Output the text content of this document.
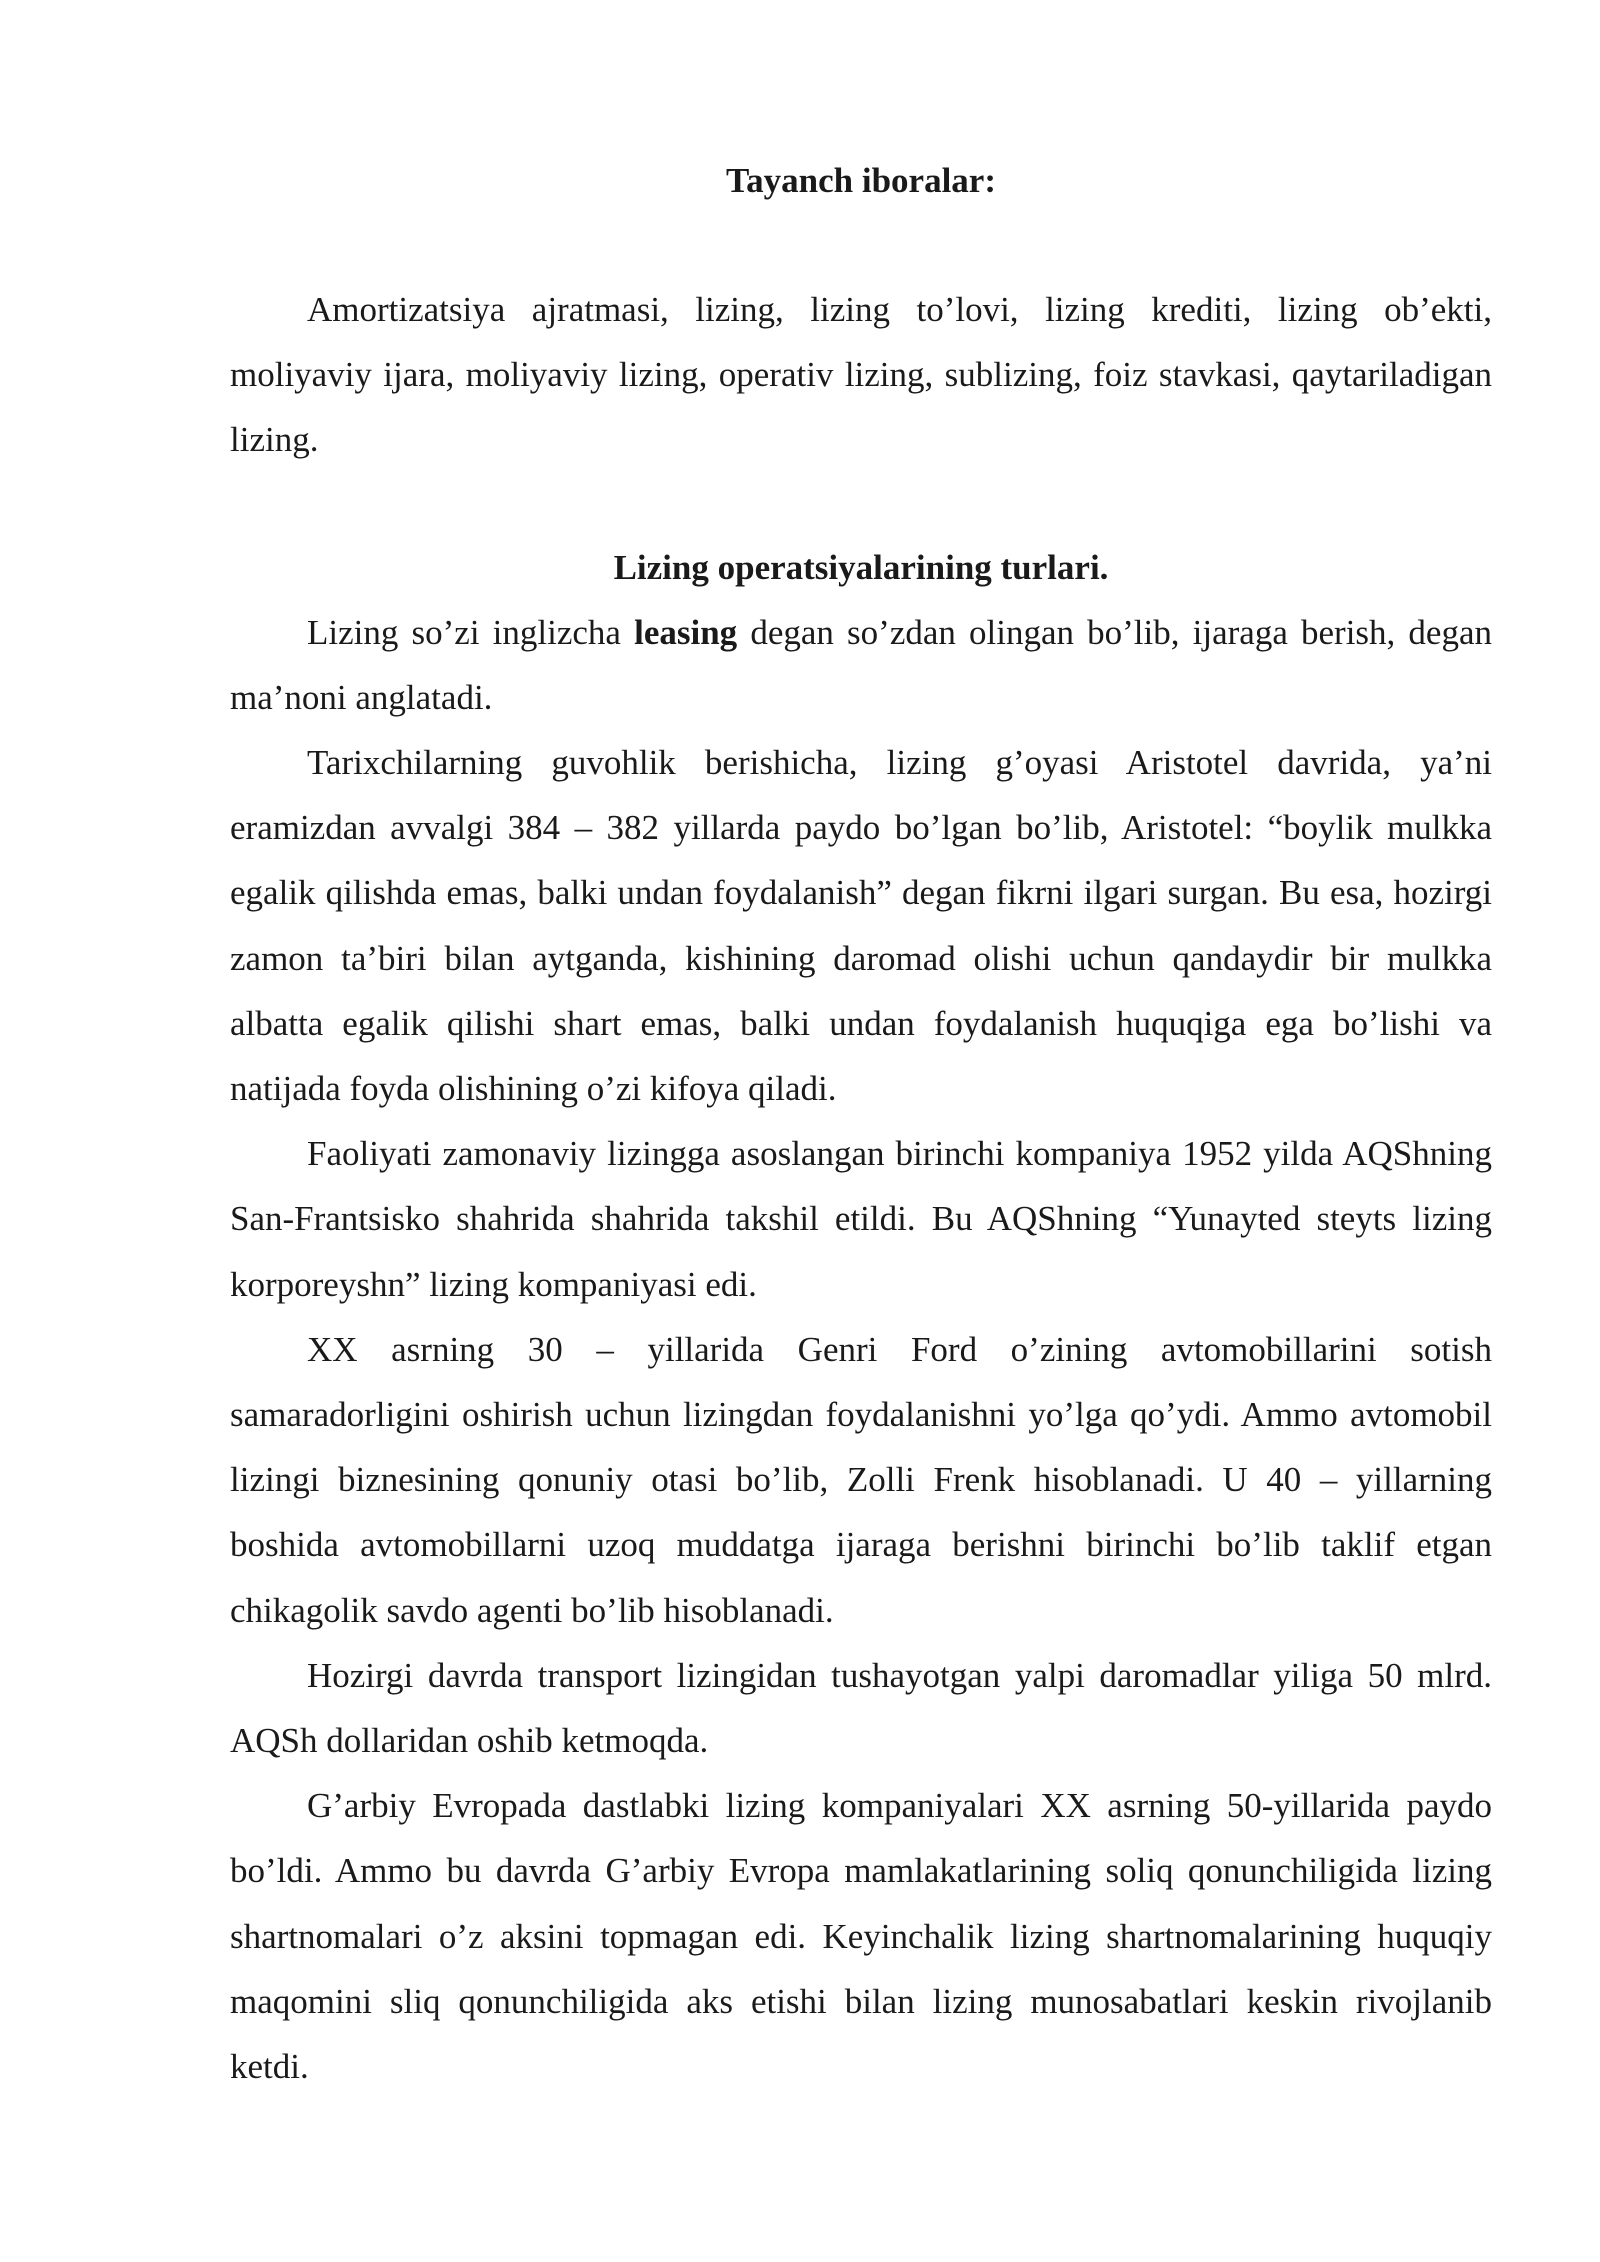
Tayanch iboralar:

Amortizatsiya ajratmasi, lizing, lizing to’lovi, lizing krediti, lizing ob’ekti, moliyaviy ijara, moliyaviy lizing, operativ lizing, sublizing, foiz stavkasi, qaytariladigan lizing.

Lizing operatsiyalarining turlari.

Lizing so’zi inglizcha leasing degan so’zdan olingan bo’lib, ijaraga berish, degan ma’noni anglatadi.

Tarixchilarning guvohlik berishicha, lizing g’oyasi Aristotel davrida, ya’ni eramizdan avvalgi 384 – 382 yillarda paydo bo’lgan bo’lib, Aristotel: “boylik mulkka egalik qilishda emas, balki undan foydalanish” degan fikrni ilgari surgan. Bu esa, hozirgi zamon ta’biri bilan aytganda, kishining daromad olishi uchun qandaydir bir mulkka albatta egalik qilishi shart emas, balki undan foydalanish huquqiga ega bo’lishi va natijada foyda olishining o’zi kifoya qiladi.

Faoliyati zamonaviy lizingga asoslangan birinchi kompaniya 1952 yilda AQShning San-Frantsisko shahrida shahrida takshil etildi. Bu AQShning “Yunayted steyts lizing korporeyshn” lizing kompaniyasi edi.

XX asrning 30 – yillarida Genri Ford o’zining avtomobillarini sotish samaradorligini oshirish uchun lizingdan foydalanishni yo’lga qo’ydi. Ammo avtomobil lizingi biznesining qonuniy otasi bo’lib, Zolli Frenk hisoblanadi. U 40 – yillarning boshida avtomobillarni uzoq muddatga ijaraga berishni birinchi bo’lib taklif etgan chikagolik savdo agenti bo’lib hisoblanadi.

Hozirgi davrda transport lizingidan tushayotgan yalpi daromadlar yiliga 50 mlrd. AQSh dollaridan oshib ketmoqda.

G’arbiy Evropada dastlabki lizing kompaniyalari XX asrning 50-yillarida paydo bo’ldi. Ammo bu davrda G’arbiy Evropa mamlakatlarining soliq qonunchiligida lizing shartnomalari o’z aksini topmagan edi. Keyinchalik lizing shartnomalarining huquqiy maqomini sliq qonunchiligida aks etishi bilan lizing munosabatlari keskin rivojlanib ketdi.
